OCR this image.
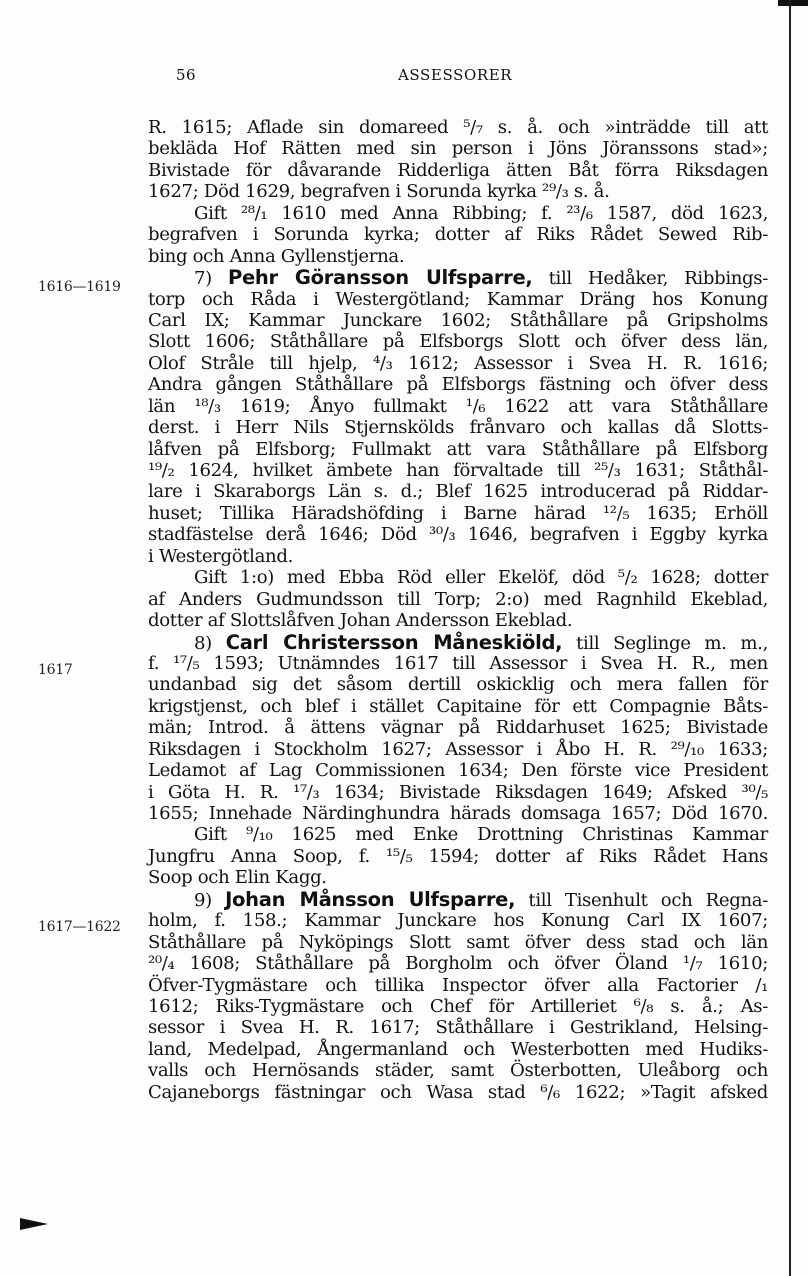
56	ASSESSORER
1616—1619
1617
1617—1622
R. 1615; Aflade sin domareed ⁵/₇ s. å. och »inträdde till att
bekläda Hof Rätten med sin person i Jöns Jöranssons stad»;
Bivistade för dåvarande Ridderliga ätten Båt förra Riksdagen
1627; Död 1629, begrafven i Sorunda kyrka ²⁹/₃ s. å.
Gift ²⁸/₁ 1610 med Anna Ribbing; f. ²³/₆ 1587, död 1623,
begrafven i Sorunda kyrka; dotter af Riks Rådet Sewed Rib-
bing och Anna Gyllenstjerna.
7) Pehr Göransson Ulfsparre, till Hedåker, Ribbings-
torp och Råda i Westergötland; Kammar Dräng hos Konung
Carl IX; Kammar Junckare 1602; Ståthållare på Gripsholms
Slott 1606; Ståthållare på Elfsborgs Slott och öfver dess län,
Olof Stråle till hjelp, ⁴/₃ 1612; Assessor i Svea H. R. 1616;
Andra gången Ståthållare på Elfsborgs fästning och öfver dess
län ¹⁸/₃ 1619; Ånyo fullmakt ¹/₆ 1622 att vara Ståthållare
derst. i Herr Nils Stjernskölds frånvaro och kallas då Slotts-
låfven på Elfsborg; Fullmakt att vara Ståthållare på Elfsborg
¹⁹/₂ 1624, hvilket ämbete han förvaltade till ²⁵/₃ 1631; Ståthål-
lare i Skaraborgs Län s. d.; Blef 1625 introducerad på Riddar-
huset; Tillika Häradshöfding i Barne härad ¹²/₅ 1635; Erhöll
stadfästelse derå 1646; Död ³⁰/₃ 1646, begrafven i Eggby kyrka
i Westergötland.
Gift 1:o) med Ebba Röd eller Ekelöf, död ⁵/₂ 1628; dotter
af Anders Gudmundsson till Torp; 2:o) med Ragnhild Ekeblad,
dotter af Slottslåfven Johan Andersson Ekeblad.
8) Carl Christersson Måneskiöld, till Seglinge m. m.,
f. ¹⁷/₅ 1593; Utnämndes 1617 till Assessor i Svea H. R., men
undanbad sig det såsom dertill oskicklig och mera fallen för
krigstjenst, och blef i stället Capitaine för ett Compagnie Båts-
män; Introd. å ättens vägnar på Riddarhuset 1625; Bivistade
Riksdagen i Stockholm 1627; Assessor i Åbo H. R. ²⁹/₁₀ 1633;
Ledamot af Lag Commissionen 1634; Den förste vice President
i Göta H. R. ¹⁷/₃ 1634; Bivistade Riksdagen 1649; Afsked ³⁰/₅
1655; Innehade Närdinghundra härads domsaga 1657; Död 1670.
Gift ⁹/₁₀ 1625 med Enke Drottning Christinas Kammar
Jungfru Anna Soop, f. ¹⁵/₅ 1594; dotter af Riks Rådet Hans
Soop och Elin Kagg.
9) Johan Månsson Ulfsparre, till Tisenhult och Regna-
holm, f. 158.; Kammar Junckare hos Konung Carl IX 1607;
Ståthållare på Nyköpings Slott samt öfver dess stad och län
²⁰/₄ 1608; Ståthållare på Borgholm och öfver Öland ¹/₇ 1610;
Öfver-Tygmästare och tillika Inspector öfver alla Factorier /₁
1612; Riks-Tygmästare och Chef för Artilleriet ⁶/₈ s. å.; As-
sessor i Svea H. R. 1617; Ståthållare i Gestrikland, Helsing-
land, Medelpad, Ångermanland och Westerbotten med Hudiks-
valls och Hernösands städer, samt Österbotten, Uleåborg och
Cajaneborgs fästningar och Wasa stad ⁶/₆ 1622; »Tagit afsked
